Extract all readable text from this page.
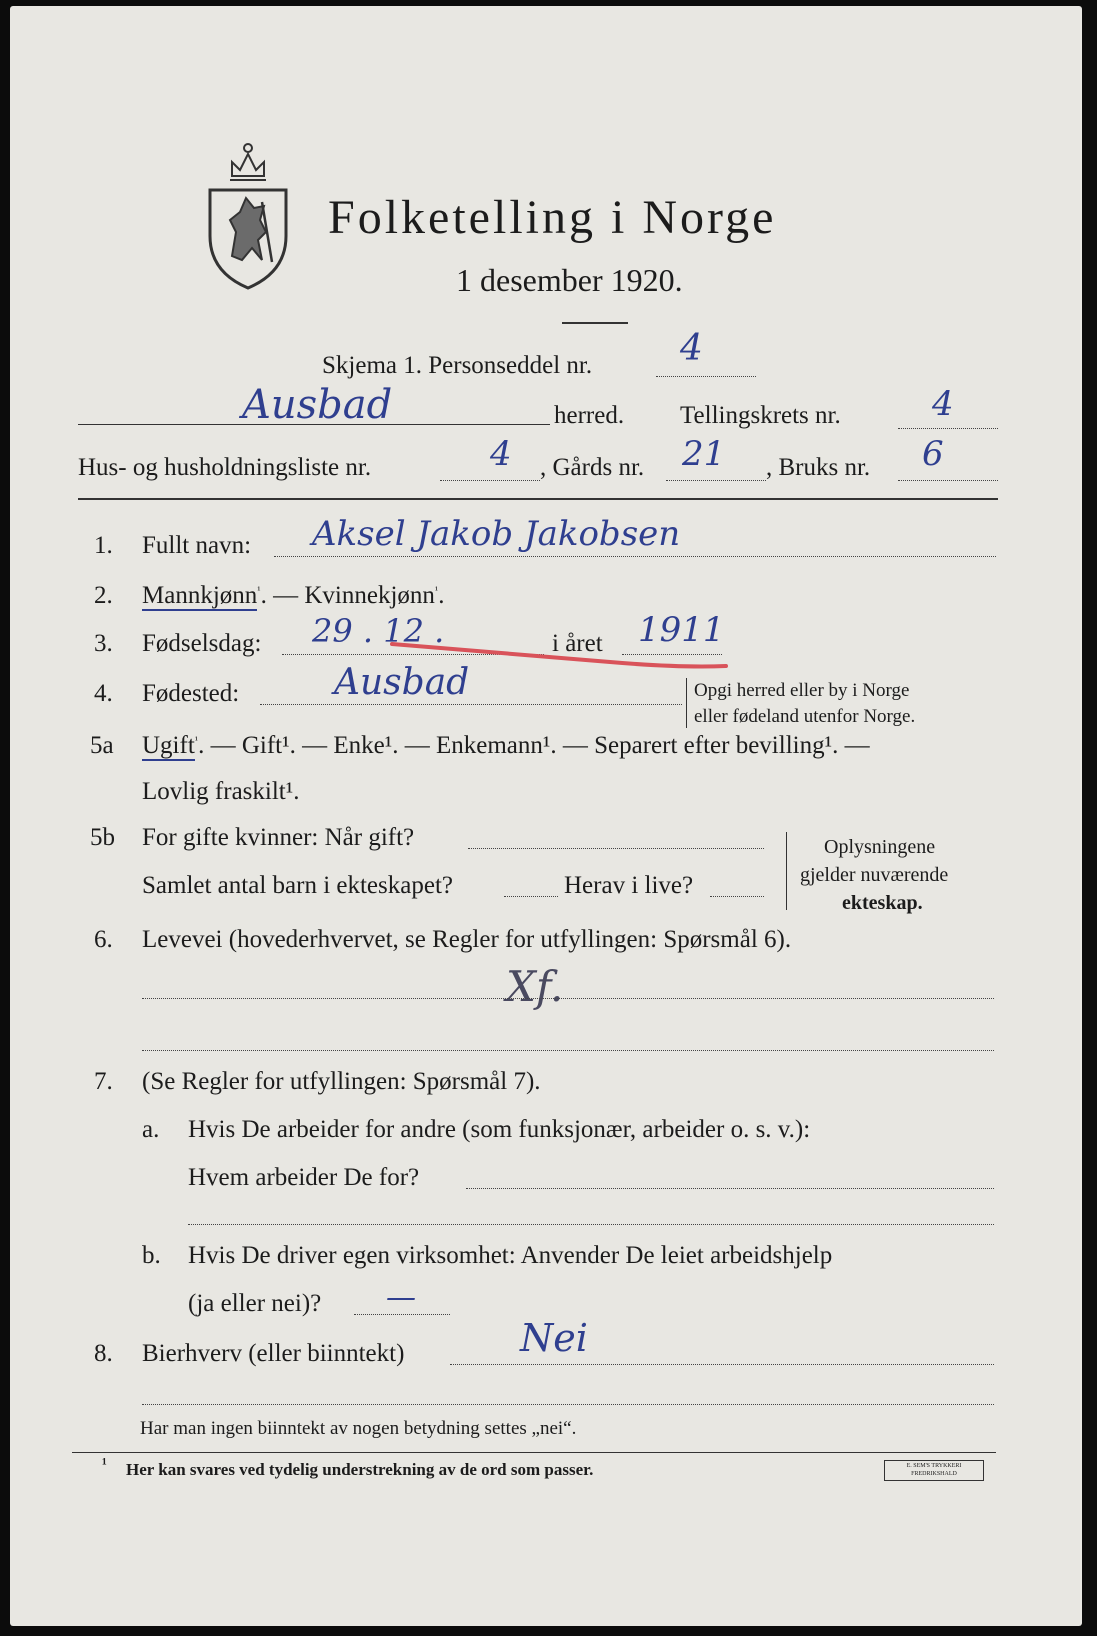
Folketelling i Norge
1 desember 1920.
Skjema 1. Personseddel nr. 4
Ausbad	herred. Tellingskrets nr.	4
Hus- og husholdningsliste nr.	4 , Gårds nr. 21 , Bruks nr. 6
1. Fullt navn: Aksel Jakob Jakobsen
2. Mannkjønn$^{^1}$. — Kvinnekjønn$^{^1}$.
3. Fødselsdag: 29 . 12 .	i året 1911
4. Fødested:	Ausbad	Opgi herred eller by i Norge
eller fødeland utenfor Norge.
5a Ugift$^{^1}$. — Gift¹. — Enke¹. — Enkemann¹. — Separert efter bevilling¹. —
Lovlig fraskilt¹.
5b For gifte kvinner: Når gift?
Samlet antal barn i ekteskapet?	Herav i live?
Oplysningene
gjelder nuværende
ekteskap.
6. Levevei (hovederhvervet, se Regler for utfyllingen: Spørsmål 6).
Xf.
7. (Se Regler for utfyllingen: Spørsmål 7).
a. Hvis De arbeider for andre (som funksjonær, arbeider o. s. v.):
Hvem arbeider De for?
b. Hvis De driver egen virksomhet: Anvender De leiet arbeidshjelp
(ja eller nei)? —
8. Bierhverv (eller biinntekt)	Nei
Har man ingen biinntekt av nogen betydning settes „nei“.
¹ Her kan svares ved tydelig understrekning av de ord som passer.	E. SEM'S TRYKKERI FREDRIKSHALD
